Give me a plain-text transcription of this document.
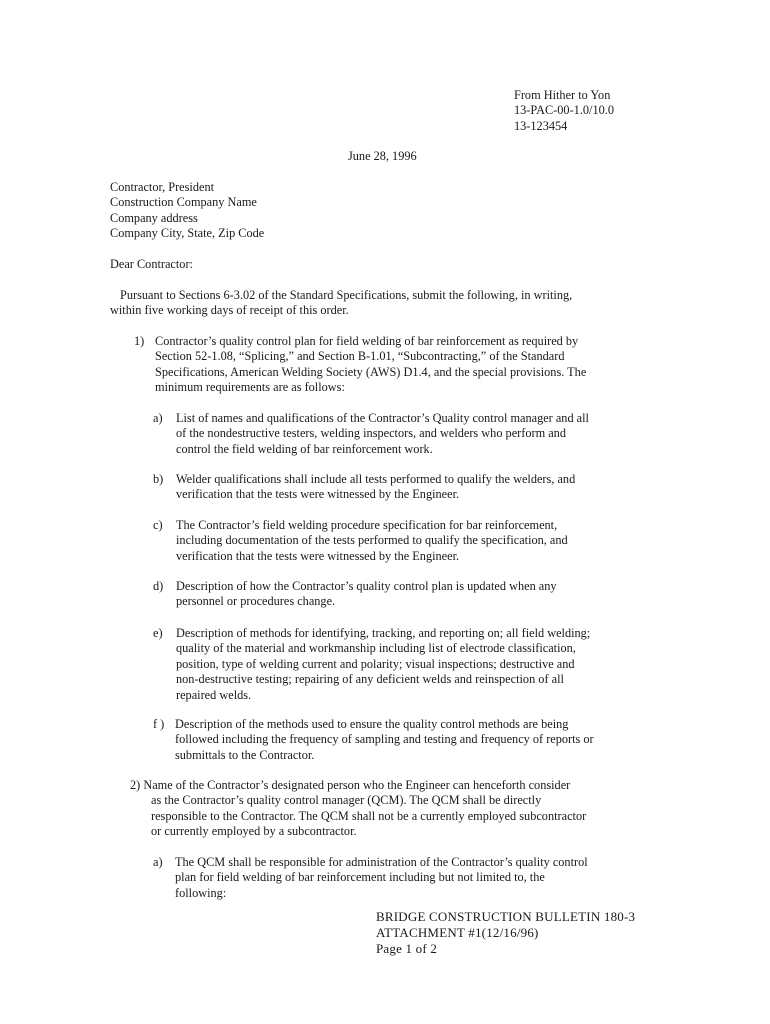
From Hither to Yon
13-PAC-00-1.0/10.0
13-123454
June 28, 1996
Contractor, President
Construction Company Name
Company address
Company City, State, Zip Code
Dear Contractor:
Pursuant to Sections 6-3.02 of the Standard Specifications, submit the following, in writing,
within five working days of receipt of this order.
1) Contractor’s quality control plan for field welding of bar reinforcement as required by
Section 52-1.08, “Splicing,” and Section B-1.01, “Subcontracting,” of the Standard
Specifications, American Welding Society (AWS) D1.4, and the special provisions. The
minimum requirements are as follows:
a) List of names and qualifications of the Contractor’s Quality control manager and all
of the nondestructive testers, welding inspectors, and welders who perform and
control the field welding of bar reinforcement work.
b) Welder qualifications shall include all tests performed to qualify the welders, and
verification that the tests were witnessed by the Engineer.
c) The Contractor’s field welding procedure specification for bar reinforcement,
including documentation of the tests performed to qualify the specification, and
verification that the tests were witnessed by the Engineer.
d) Description of how the Contractor’s quality control plan is updated when any
personnel or procedures change.
e) Description of methods for identifying, tracking, and reporting on; all field welding;
quality of the material and workmanship including list of electrode classification,
position, type of welding current and polarity; visual inspections; destructive and
non-destructive testing; repairing of any deficient welds and reinspection of all
repaired welds.
f ) Description of the methods used to ensure the quality control methods are being
followed including the frequency of sampling and testing and frequency of reports or
submittals to the Contractor.
2) Name of the Contractor’s designated person who the Engineer can henceforth consider
as the Contractor’s quality control manager (QCM). The QCM shall be directly
responsible to the Contractor. The QCM shall not be a currently employed subcontractor
or currently employed by a subcontractor.
a) The QCM shall be responsible for administration of the Contractor’s quality control
plan for field welding of bar reinforcement including but not limited to, the
following:
BRIDGE CONSTRUCTION BULLETIN 180-3
ATTACHMENT #1(12/16/96)
Page 1 of 2
